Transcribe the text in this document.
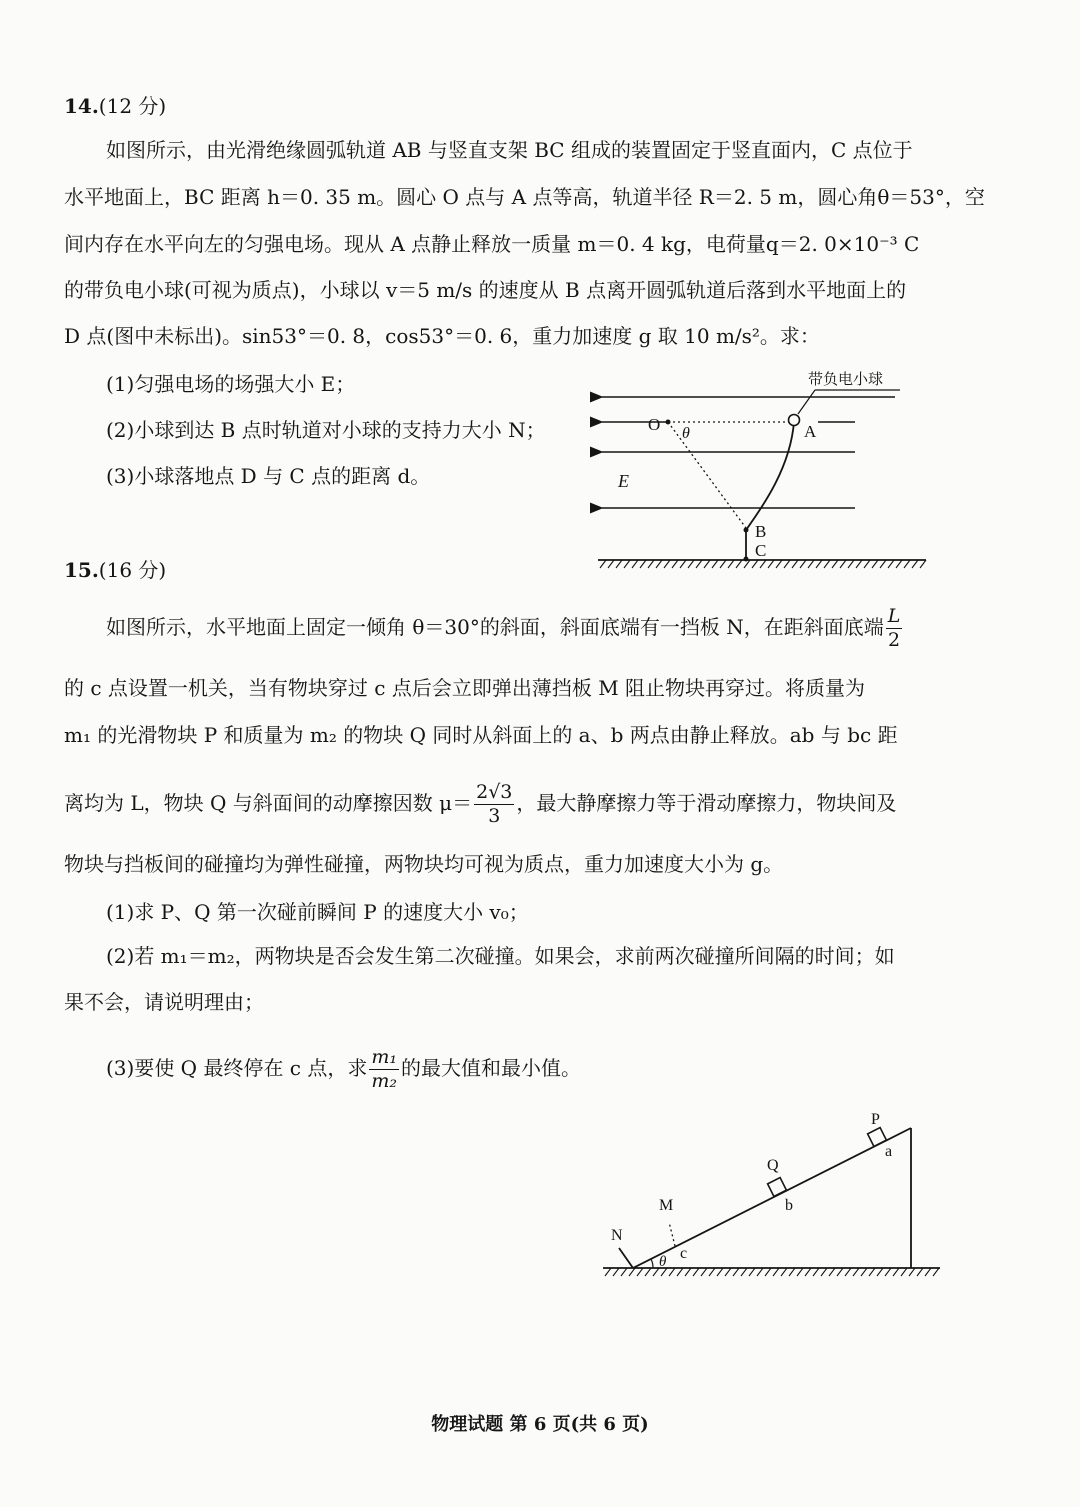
14.(12 分)
如图所示，由光滑绝缘圆弧轨道 AB 与竖直支架 BC 组成的装置固定于竖直面内，C 点位于
水平地面上，BC 距离 h＝0. 35 m。圆心 O 点与 A 点等高，轨道半径 R＝2. 5 m，圆心角θ＝53°，空
间内存在水平向左的匀强电场。现从 A 点静止释放一质量 m＝0. 4 kg，电荷量q＝2. 0×10⁻³ C
的带负电小球(可视为质点)，小球以 v＝5 m/s 的速度从 B 点离开圆弧轨道后落到水平地面上的
D 点(图中未标出)。sin53°＝0. 8，cos53°＝0. 6，重力加速度 g 取 10 m/s²。求：
(1)匀强电场的场强大小 E；
(2)小球到达 B 点时轨道对小球的支持力大小 N；
(3)小球落地点 D 与 C 点的距离 d。
带负电小球
O θ	A
E
B
C
15.(16 分)
如图所示，水平地面上固定一倾角 θ＝30°的斜面，斜面底端有一挡板 N，在距斜面底端 $\frac{L}{2}$
的 c 点设置一机关，当有物块穿过 c 点后会立即弹出薄挡板 M 阻止物块再穿过。将质量为
m₁ 的光滑物块 P 和质量为 m₂ 的物块 Q 同时从斜面上的 a、b 两点由静止释放。ab 与 bc 距
离均为 L，物块 Q 与斜面间的动摩擦因数 $\mu= \frac{2√3}{3}$ ，最大静摩擦力等于滑动摩擦力，物块间及
物块与挡板间的碰撞均为弹性碰撞，两物块均可视为质点，重力加速度大小为 g。
(1)求 P、Q 第一次碰前瞬间 P 的速度大小 v₀；
(2)若 m₁＝m₂，两物块是否会发生第二次碰撞。如果会，求前两次碰撞所间隔的时间；如
果不会，请说明理由；
(3)要使 Q 最终停在 c 点，求 $\frac{\text{m₁}}{\text{m₂}}$ 的最大值和最小值。
P
a
Q
b
M
N
c
θ
物理试题 第 6 页(共 6 页)
